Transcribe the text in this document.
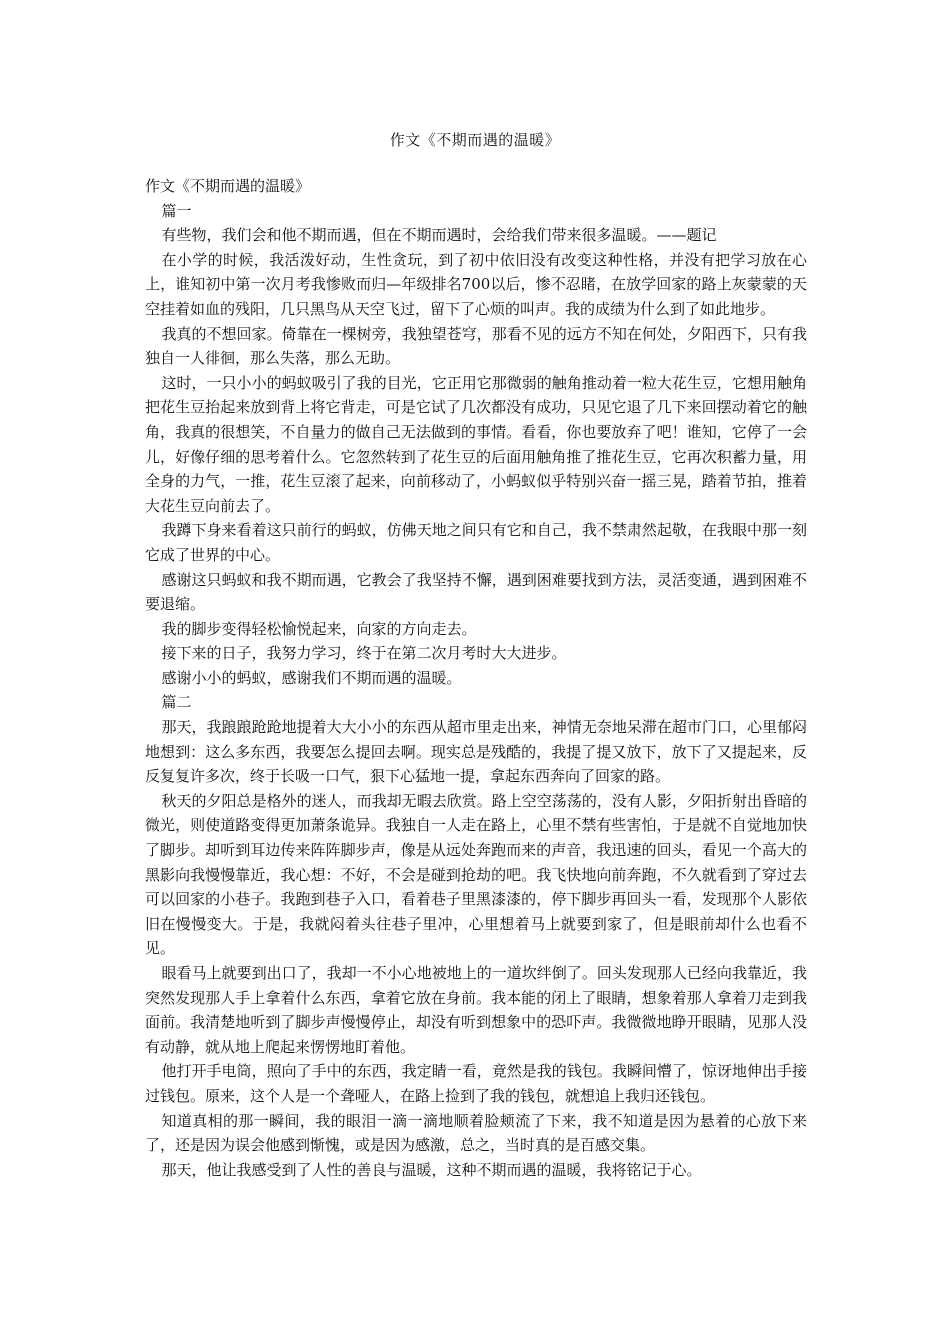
作文《不期而遇的温暖》

作文《不期而遇的温暖》

篇一

有些物，我们会和他不期而遇，但在不期而遇时，会给我们带来很多温暖。——题记

在小学的时候，我活泼好动，生性贪玩，到了初中依旧没有改变这种性格，并没有把学习放在心上，谁知初中第一次月考我惨败而归—年级排名700以后，惨不忍睹，在放学回家的路上灰蒙蒙的天空挂着如血的残阳，几只黑鸟从天空飞过，留下了心烦的叫声。我的成绩为什么到了如此地步。

我真的不想回家。倚靠在一棵树旁，我独望苍穹，那看不见的远方不知在何处，夕阳西下，只有我独自一人徘徊，那么失落，那么无助。

这时，一只小小的蚂蚁吸引了我的目光，它正用它那微弱的触角推动着一粒大花生豆，它想用触角把花生豆抬起来放到背上将它背走，可是它试了几次都没有成功，只见它退了几下来回摆动着它的触角，我真的很想笑，不自量力的做自己无法做到的事情。看看，你也要放弃了吧！谁知，它停了一会儿，好像仔细的思考着什么。它忽然转到了花生豆的后面用触角推了推花生豆，它再次积蓄力量，用全身的力气，一推，花生豆滚了起来，向前移动了，小蚂蚁似乎特别兴奋一摇三晃，踏着节拍，推着大花生豆向前去了。

我蹲下身来看着这只前行的蚂蚁，仿佛天地之间只有它和自己，我不禁肃然起敬，在我眼中那一刻它成了世界的中心。

感谢这只蚂蚁和我不期而遇，它教会了我坚持不懈，遇到困难要找到方法，灵活变通，遇到困难不要退缩。

我的脚步变得轻松愉悦起来，向家的方向走去。

接下来的日子，我努力学习，终于在第二次月考时大大进步。

感谢小小的蚂蚁，感谢我们不期而遇的温暖。

篇二

那天，我踉踉跄跄地提着大大小小的东西从超市里走出来，神情无奈地呆滞在超市门口，心里郁闷地想到：这么多东西，我要怎么提回去啊。现实总是残酷的，我提了提又放下，放下了又提起来，反反复复许多次，终于长吸一口气，狠下心猛地一提，拿起东西奔向了回家的路。

秋天的夕阳总是格外的迷人，而我却无暇去欣赏。路上空空荡荡的，没有人影，夕阳折射出昏暗的微光，则使道路变得更加萧条诡异。我独自一人走在路上，心里不禁有些害怕，于是就不自觉地加快了脚步。却听到耳边传来阵阵脚步声，像是从远处奔跑而来的声音，我迅速的回头，看见一个高大的黑影向我慢慢靠近，我心想：不好，不会是碰到抢劫的吧。我飞快地向前奔跑，不久就看到了穿过去可以回家的小巷子。我跑到巷子入口，看着巷子里黑漆漆的，停下脚步再回头一看，发现那个人影依旧在慢慢变大。于是，我就闷着头往巷子里冲，心里想着马上就要到家了，但是眼前却什么也看不见。

眼看马上就要到出口了，我却一不小心地被地上的一道坎绊倒了。回头发现那人已经向我靠近，我突然发现那人手上拿着什么东西，拿着它放在身前。我本能的闭上了眼睛，想象着那人拿着刀走到我面前。我清楚地听到了脚步声慢慢停止，却没有听到想象中的恐吓声。我微微地睁开眼睛，见那人没有动静，就从地上爬起来愣愣地盯着他。

他打开手电筒，照向了手中的东西，我定睛一看，竟然是我的钱包。我瞬间懵了，惊讶地伸出手接过钱包。原来，这个人是一个聋哑人，在路上捡到了我的钱包，就想追上我归还钱包。

知道真相的那一瞬间，我的眼泪一滴一滴地顺着脸颊流了下来，我不知道是因为悬着的心放下来了，还是因为误会他感到惭愧，或是因为感激，总之，当时真的是百感交集。

那天，他让我感受到了人性的善良与温暖，这种不期而遇的温暖，我将铭记于心。
